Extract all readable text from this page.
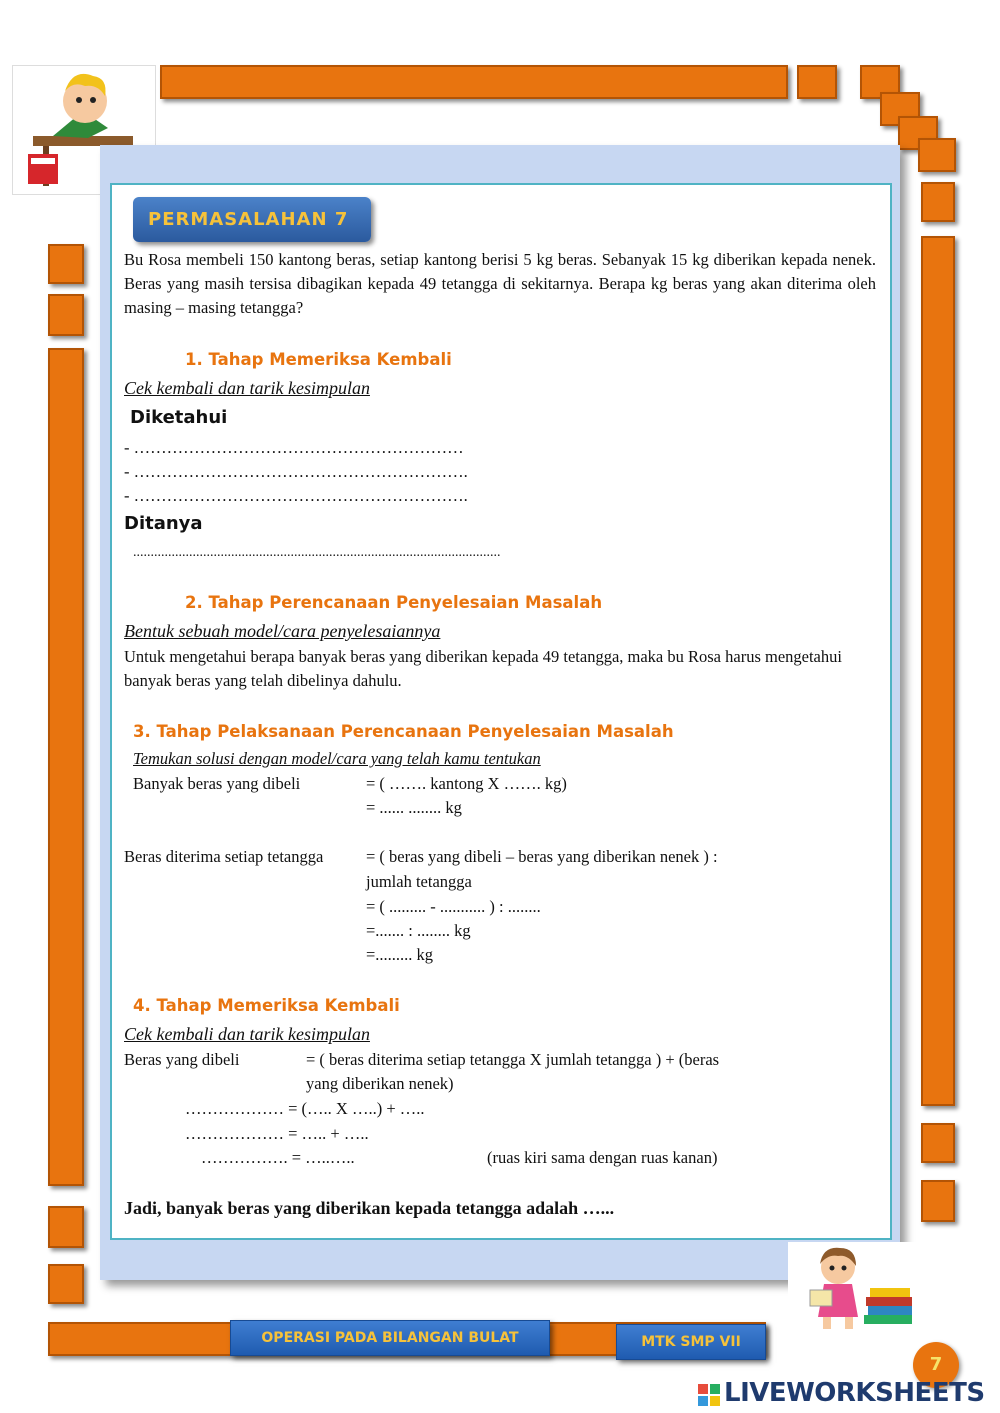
PERMASALAHAN 7
Bu Rosa membeli 150 kantong beras, setiap kantong berisi 5 kg beras. Sebanyak 15 kg diberikan kepada nenek. Beras yang masih tersisa dibagikan kepada 49 tetangga di sekitarnya. Berapa kg beras yang akan diterima oleh masing – masing tetangga?
1. Tahap Memeriksa Kembali
Cek kembali dan tarik kesimpulan
Diketahui
- ……………………………………………………
- …………………………………………………….
- …………………………………………………….
Ditanya
.........................................................................................................
2. Tahap Perencanaan Penyelesaian Masalah
Bentuk sebuah model/cara penyelesaiannya
Untuk mengetahui berapa banyak beras yang diberikan kepada 49 tetangga, maka bu Rosa harus mengetahui banyak beras yang telah dibelinya dahulu.
3. Tahap Pelaksanaan Perencanaan Penyelesaian Masalah
Temukan solusi dengan model/cara yang telah kamu tentukan
Banyak beras yang dibeli	= ( ……. kantong X ……. kg)
= ...... ........ kg
Beras diterima setiap tetangga	= ( beras yang dibeli – beras yang diberikan nenek ) :
jumlah tetangga
= ( ......... - ........... ) : ........
=....... : ........ kg
=......... kg
4. Tahap Memeriksa Kembali
Cek kembali dan tarik kesimpulan
Beras yang dibeli	= ( beras diterima setiap tetangga X jumlah tetangga ) + (beras
yang diberikan nenek)
……………… = (….. X …..) + …..
……………… = ….. + …..
……………. = …..…..	(ruas kiri sama dengan ruas kanan)
Jadi, banyak beras yang diberikan kepada tetangga adalah …...
OPERASI PADA BILANGAN BULAT	MTK SMP VII
7
LIVEWORKSHEETS
